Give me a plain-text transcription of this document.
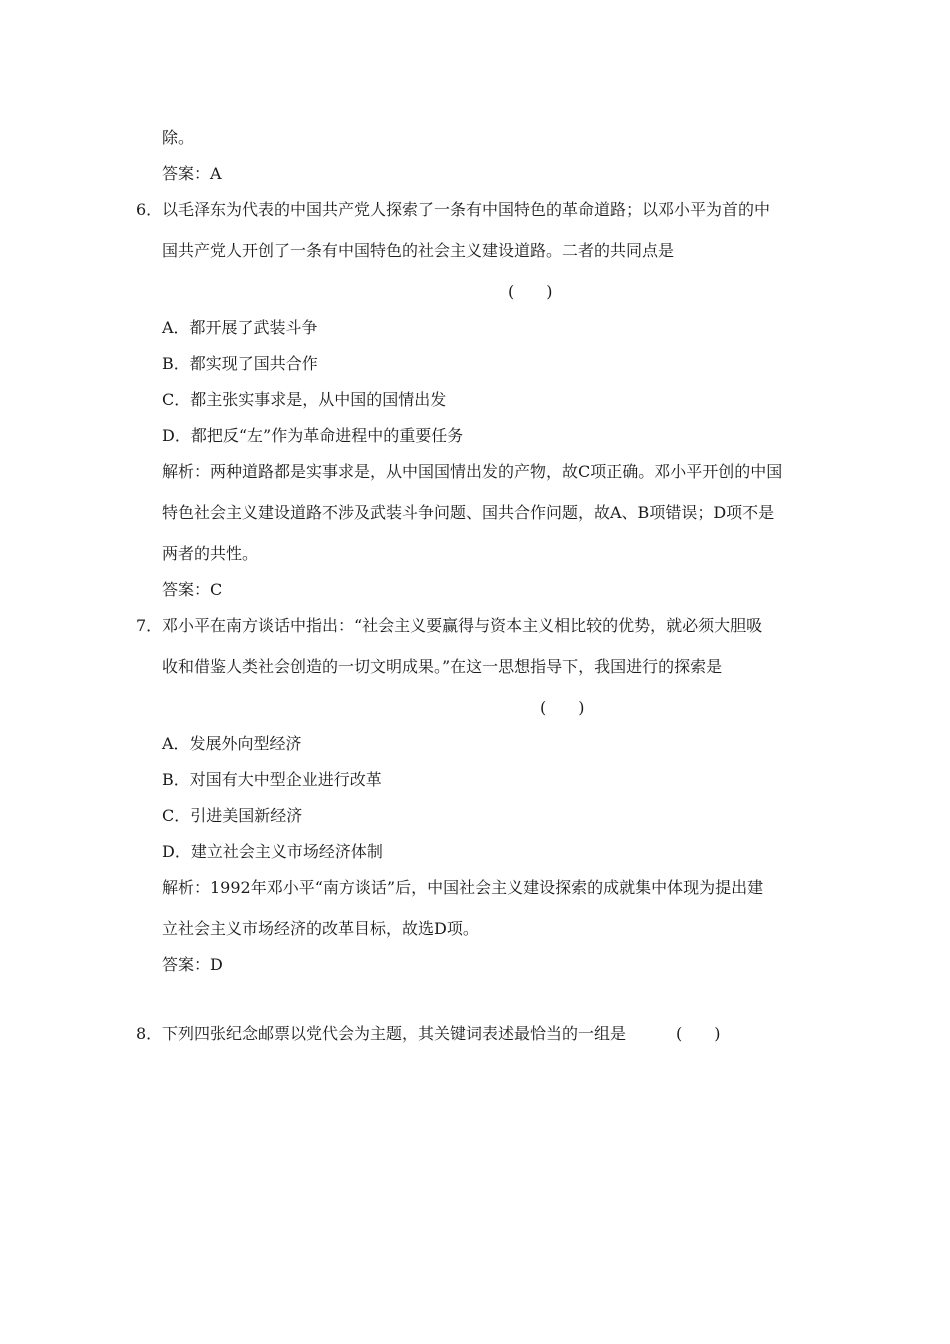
除。

答案：A

6． 以毛泽东为代表的中国共产党人探索了一条有中国特色的革命道路；以邓小平为首的中

国共产党人开创了一条有中国特色的社会主义建设道路。二者的共同点是

(　　)

A．都开展了武装斗争

B．都实现了国共合作

C．都主张实事求是，从中国的国情出发

D．都把反“左”作为革命进程中的重要任务

解析：两种道路都是实事求是，从中国国情出发的产物，故C项正确。邓小平开创的中国

特色社会主义建设道路不涉及武装斗争问题、国共合作问题，故A、B项错误；D项不是

两者的共性。

答案：C

7． 邓小平在南方谈话中指出：“社会主义要赢得与资本主义相比较的优势，就必须大胆吸

收和借鉴人类社会创造的一切文明成果。”在这一思想指导下，我国进行的探索是

(　　)

A．发展外向型经济

B．对国有大中型企业进行改革

C．引进美国新经济

D．建立社会主义市场经济体制

解析：1992年邓小平“南方谈话”后，中国社会主义建设探索的成就集中体现为提出建

立社会主义市场经济的改革目标，故选D项。

答案：D

8． 下列四张纪念邮票以党代会为主题，其关键词表述最恰当的一组是	(　　)
